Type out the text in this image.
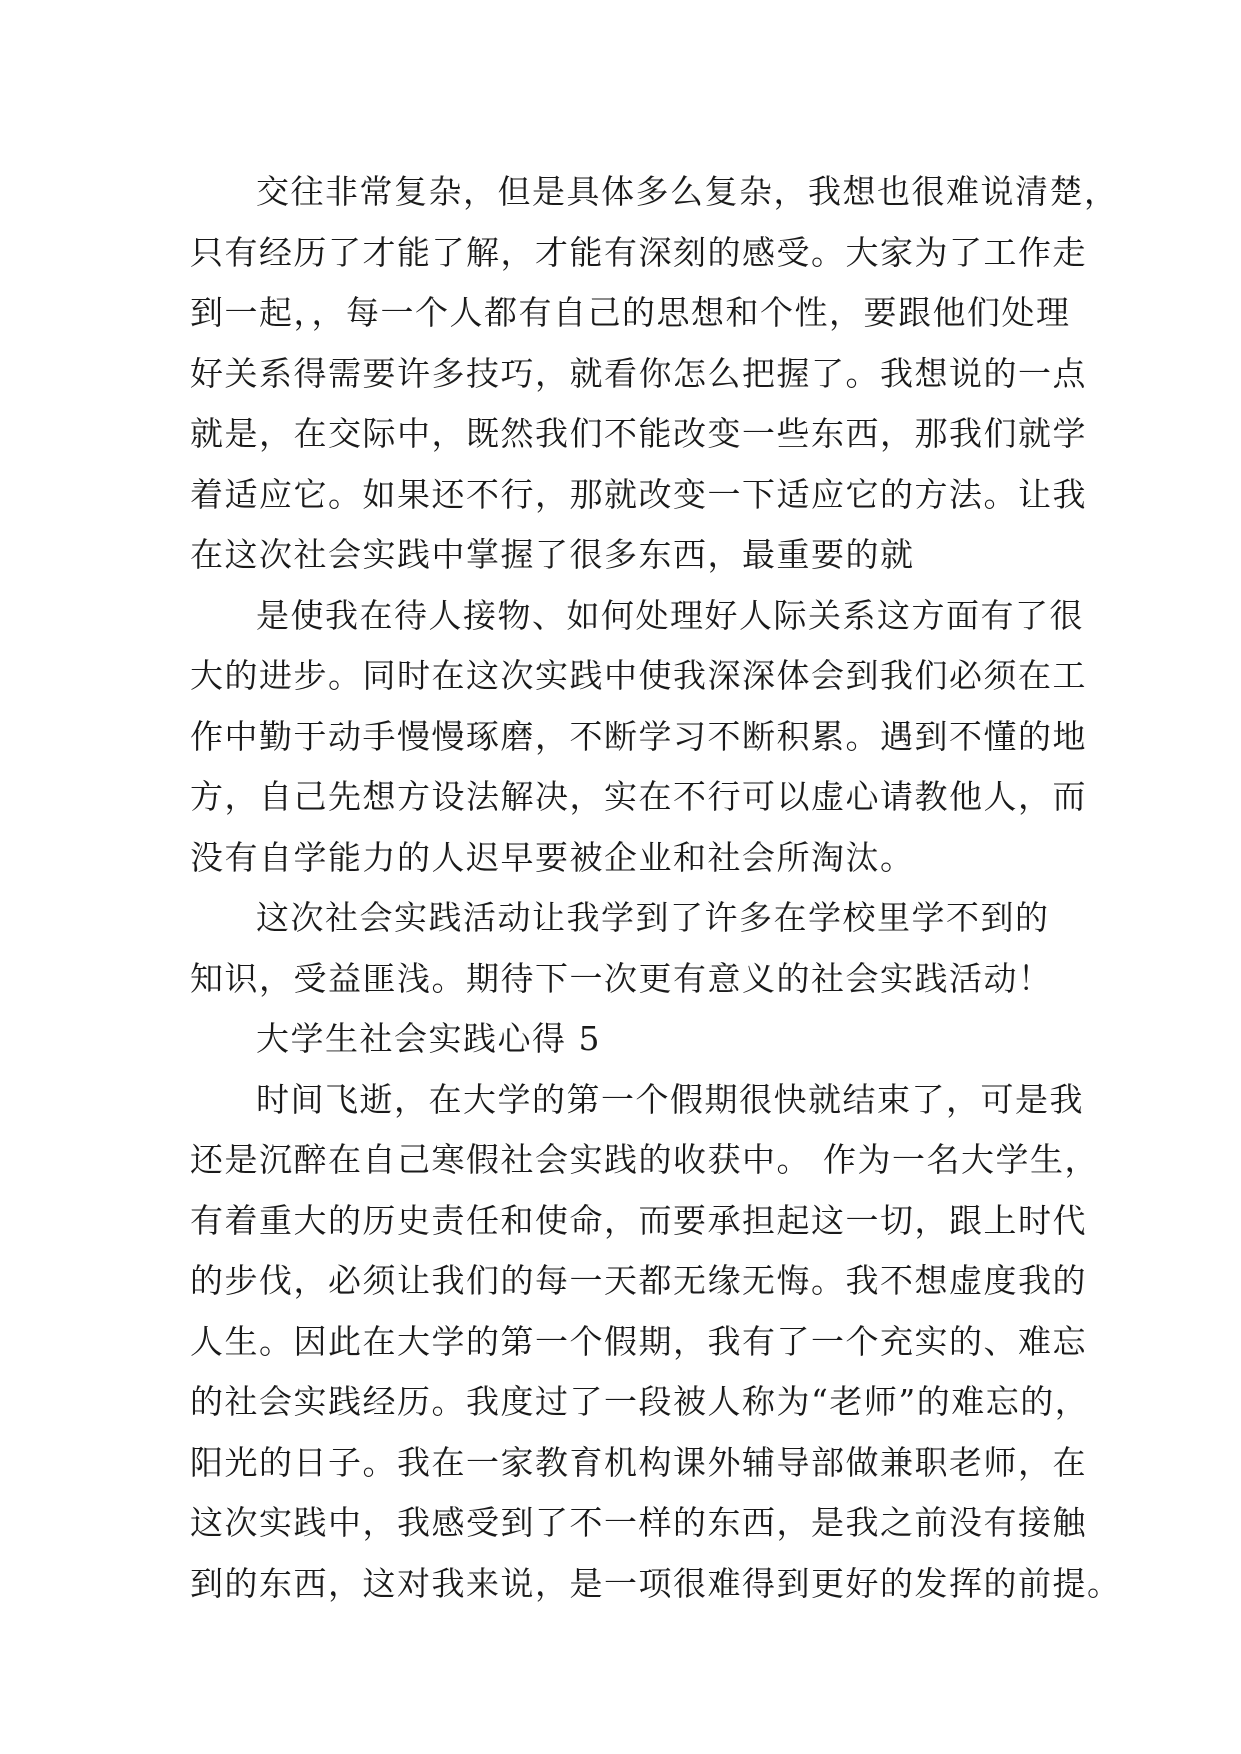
交往非常复杂，但是具体多么复杂，我想也很难说清楚，
只有经历了才能了解，才能有深刻的感受。大家为了工作走
到一起，，每一个人都有自己的思想和个性，要跟他们处理
好关系得需要许多技巧，就看你怎么把握了。我想说的一点
就是，在交际中，既然我们不能改变一些东西，那我们就学
着适应它。如果还不行，那就改变一下适应它的方法。让我
在这次社会实践中掌握了很多东西，最重要的就
是使我在待人接物、如何处理好人际关系这方面有了很
大的进步。同时在这次实践中使我深深体会到我们必须在工
作中勤于动手慢慢琢磨，不断学习不断积累。遇到不懂的地
方，自己先想方设法解决，实在不行可以虚心请教他人，而
没有自学能力的人迟早要被企业和社会所淘汰。
这次社会实践活动让我学到了许多在学校里学不到的
知识，受益匪浅。期待下一次更有意义的社会实践活动！
大学生社会实践心得 5
时间飞逝，在大学的第一个假期很快就结束了，可是我
还是沉醉在自己寒假社会实践的收获中。 作为一名大学生，
有着重大的历史责任和使命，而要承担起这一切，跟上时代
的步伐，必须让我们的每一天都无缘无悔。我不想虚度我的
人生。因此在大学的第一个假期，我有了一个充实的、难忘
的社会实践经历。我度过了一段被人称为“老师”的难忘的，
阳光的日子。我在一家教育机构课外辅导部做兼职老师，在
这次实践中，我感受到了不一样的东西，是我之前没有接触
到的东西，这对我来说，是一项很难得到更好的发挥的前提。
